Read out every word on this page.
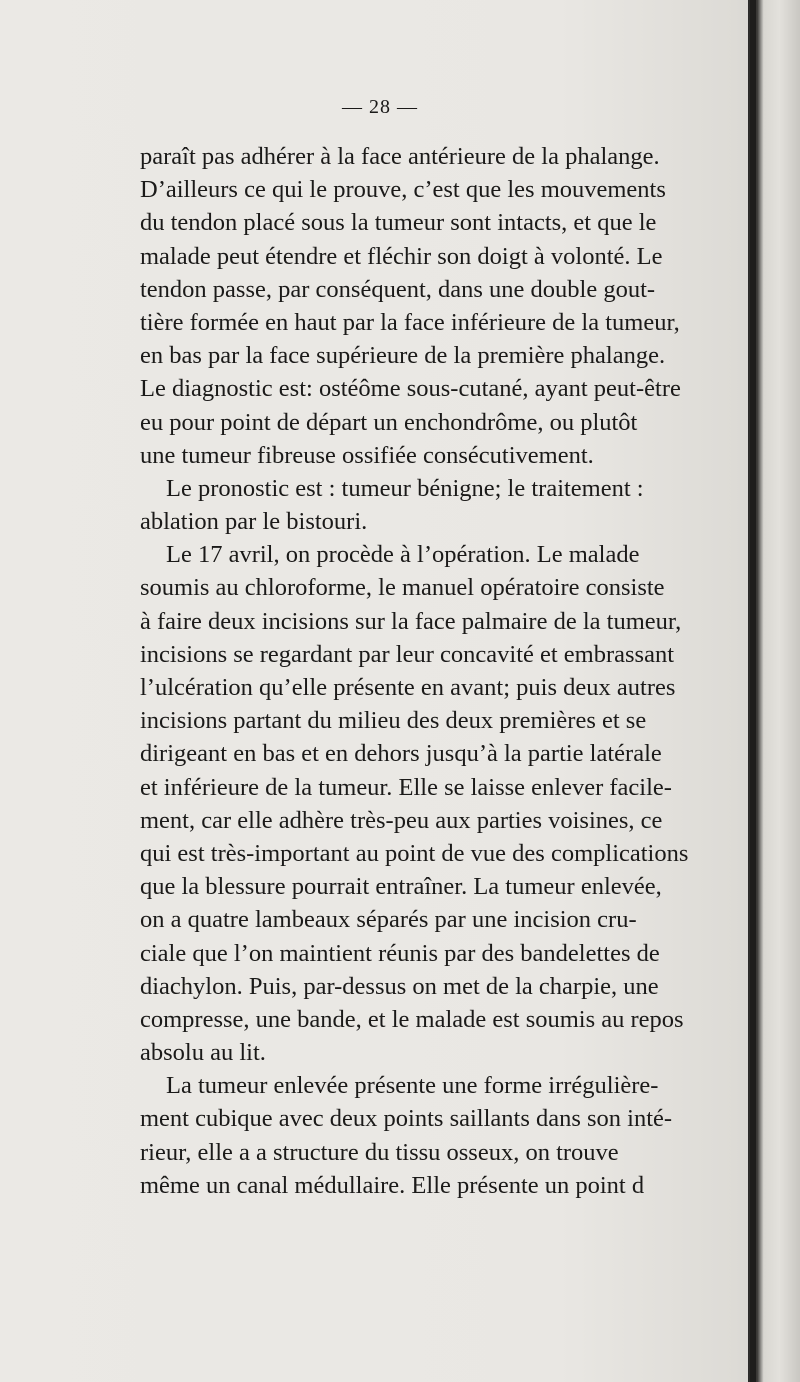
— 28 —
paraît pas adhérer à la face antérieure de la phalange.
D’ailleurs ce qui le prouve, c’est que les mouvements
du tendon placé sous la tumeur sont intacts, et que le
malade peut étendre et fléchir son doigt à volonté. Le
tendon passe, par conséquent, dans une double gout-
tière formée en haut par la face inférieure de la tumeur,
en bas par la face supérieure de la première phalange.
Le diagnostic est: ostéôme sous-cutané, ayant peut-être
eu pour point de départ un enchondrôme, ou plutôt
une tumeur fibreuse ossifiée consécutivement.
Le pronostic est : tumeur bénigne; le traitement :
ablation par le bistouri.
Le 17 avril, on procède à l’opération. Le malade
soumis au chloroforme, le manuel opératoire consiste
à faire deux incisions sur la face palmaire de la tumeur,
incisions se regardant par leur concavité et embrassant
l’ulcération qu’elle présente en avant; puis deux autres
incisions partant du milieu des deux premières et se
dirigeant en bas et en dehors jusqu’à la partie latérale
et inférieure de la tumeur. Elle se laisse enlever facile-
ment, car elle adhère très-peu aux parties voisines, ce
qui est très-important au point de vue des complications
que la blessure pourrait entraîner. La tumeur enlevée,
on a quatre lambeaux séparés par une incision cru-
ciale que l’on maintient réunis par des bandelettes de
diachylon. Puis, par-dessus on met de la charpie, une
compresse, une bande, et le malade est soumis au repos
absolu au lit.
La tumeur enlevée présente une forme irrégulière-
ment cubique avec deux points saillants dans son inté-
rieur, elle a a structure du tissu osseux, on trouve
même un canal médullaire. Elle présente un point d
